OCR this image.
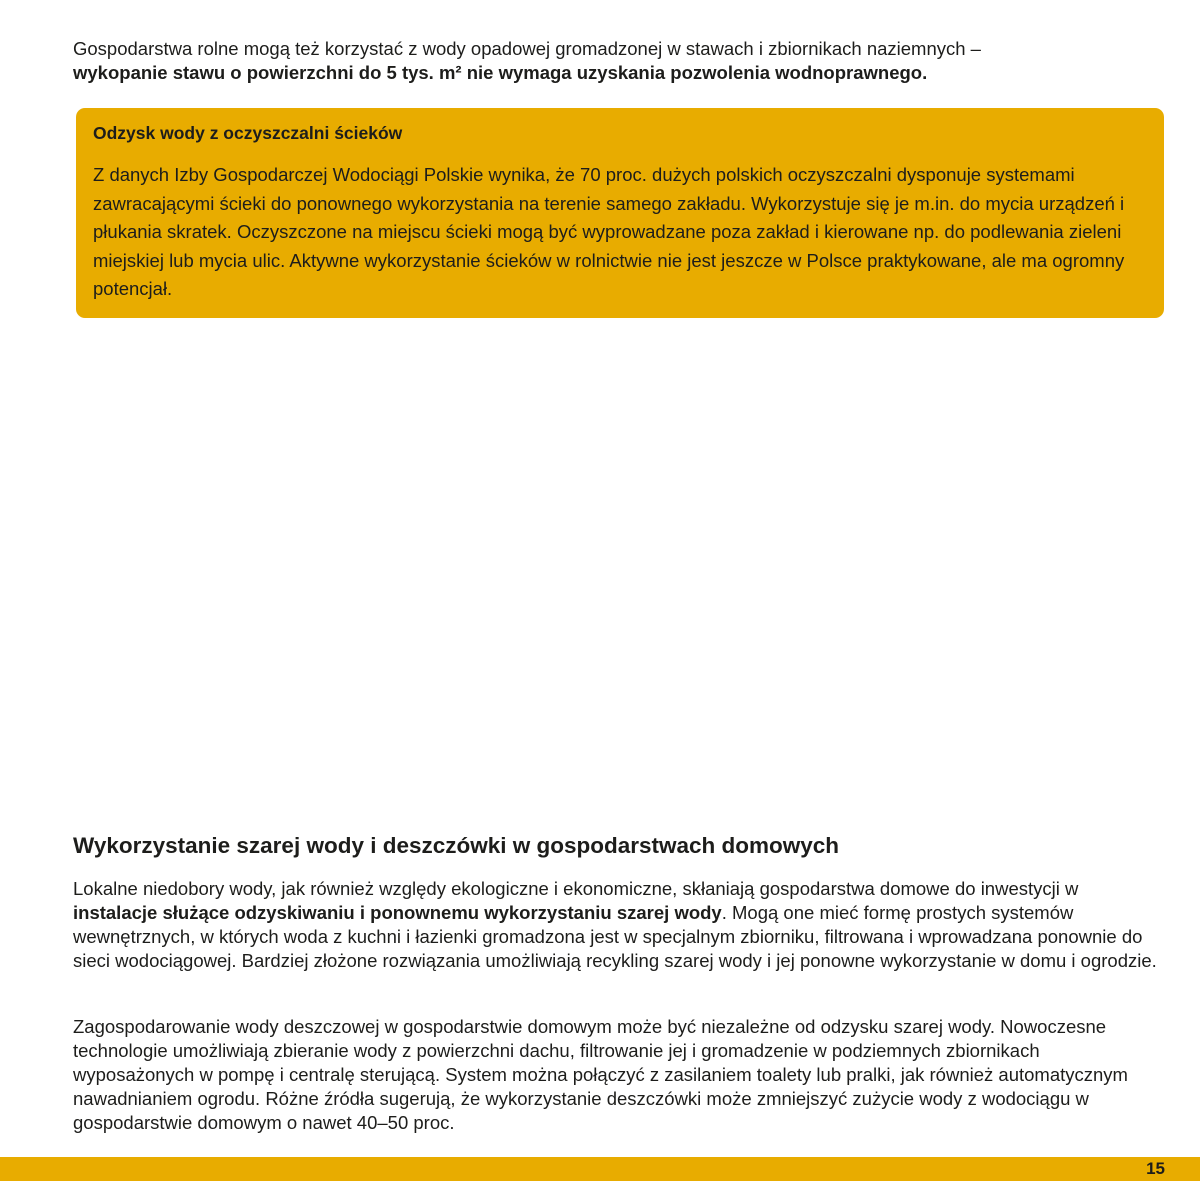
Gospodarstwa rolne mogą też korzystać z wody opadowej gromadzonej w stawach i zbiornikach naziemnych –
wykopanie stawu o powierzchni do 5 tys. m² nie wymaga uzyskania pozwolenia wodnoprawnego.

Odzysk wody z oczyszczalni ścieków

Z danych Izby Gospodarczej Wodociągi Polskie wynika, że 70 proc. dużych polskich oczyszczalni dysponuje systemami zawracającymi ścieki do ponownego wykorzystania na terenie samego zakładu. Wykorzystuje się je m.in. do mycia urządzeń i płukania skratek. Oczyszczone na miejscu ścieki mogą być wyprowadzane poza zakład i kierowane np. do podlewania zieleni miejskiej lub mycia ulic. Aktywne wykorzystanie ścieków w rolnictwie nie jest jeszcze w Polsce praktykowane, ale ma ogromny potencjał.

Wykorzystanie szarej wody i deszczówki w gospodarstwach domowych

Lokalne niedobory wody, jak również względy ekologiczne i ekonomiczne, skłaniają gospodarstwa domowe do inwestycji w instalacje służące odzyskiwaniu i ponownemu wykorzystaniu szarej wody. Mogą one mieć formę prostych systemów wewnętrznych, w których woda z kuchni i łazienki gromadzona jest w specjalnym zbiorniku, filtrowana i wprowadzana ponownie do sieci wodociągowej. Bardziej złożone rozwiązania umożliwiają recykling szarej wody i jej ponowne wykorzystanie w domu i ogrodzie.

Zagospodarowanie wody deszczowej w gospodarstwie domowym może być niezależne od odzysku szarej wody. Nowoczesne technologie umożliwiają zbieranie wody z powierzchni dachu, filtrowanie jej i gromadzenie w podziemnych zbiornikach wyposażonych w pompę i centralę sterującą. System można połączyć z zasilaniem toalety lub pralki, jak również automatycznym nawadnianiem ogrodu. Różne źródła sugerują, że wykorzystanie deszczówki może zmniejszyć zużycie wody z wodociągu w gospodarstwie domowym o nawet 40–50 proc.

15
